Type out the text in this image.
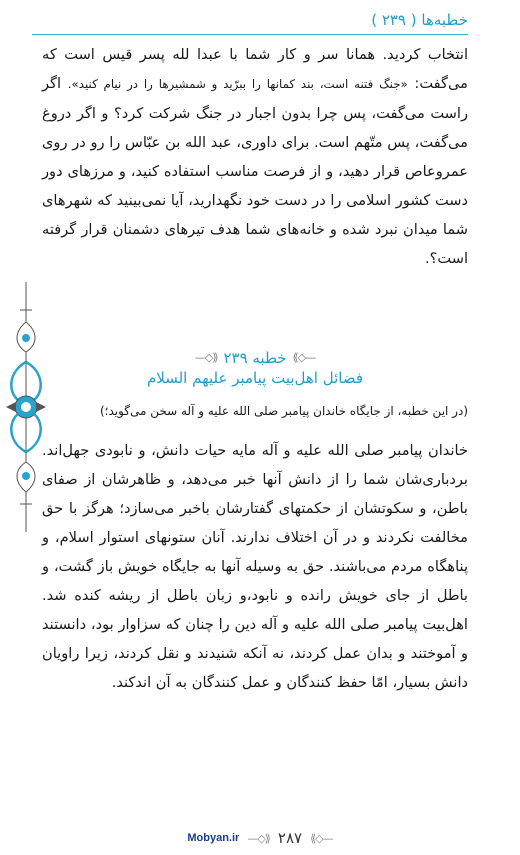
خطبه‌ها ( ۲۳۹ )

انتخاب کردید. همانا سر و کار شما با عبدا لله پسر قیس است که می‌گفت: «جنگ فتنه است، بند کمانها را ببرّید و شمشیرها را در نیام کنید». اگر راست می‌گفت، پس چرا بدون اجبار در جنگ شرکت کرد؟ و اگر دروغ می‌گفت، پس متّهم است. برای داوری، عبد الله بن عبّاس را رو در روی عمروعاص قرار دهید، و از فرصت مناسب استفاده کنید، و مرزهای دور دست کشور اسلامی را در دست خود نگهدارید، آیا نمی‌بینید که شهرهای شما میدان نبرد شده و خانه‌های شما هدف تیرهای دشمنان قرار گرفته است؟.

—◇⟫
خطبه ۲۳۹
⟪◇—
فضائل اهل‌بیت پیامبر علیهم السلام
(در این خطبه، از جایگاه خاندان پیامبر صلی الله علیه و آله سخن می‌گوید؛)

خاندان پیامبر صلی الله علیه و آله مایه حیات دانش، و نابودی جهل‌اند. بردباری‌شان شما را از دانش آنها خبر می‌دهد، و ظاهرشان از صفای باطن، و سکوتشان از حکمتهای گفتارشان باخبر می‌سازد؛ هرگز با حق مخالفت نکردند و در آن اختلاف ندارند. آنان ستونهای استوار اسلام، و پناهگاه مردم می‌باشند. حق به وسیله آنها به جایگاه خویش باز گشت، و باطل از جای خویش رانده و نابود،و زبان باطل از ریشه کنده شد. اهل‌بیت پیامبر صلی الله علیه و آله دین را چنان که سزاوار بود، دانستند و آموختند و بدان عمل کردند، نه آنکه شنیدند و نقل کردند، زیرا راویان دانش بسیار، امّا حفظ کنندگان و عمل کنندگان به آن اندکند.

Mobyan.ir —◇⟫ ۲۸۷ ⟪◇—
